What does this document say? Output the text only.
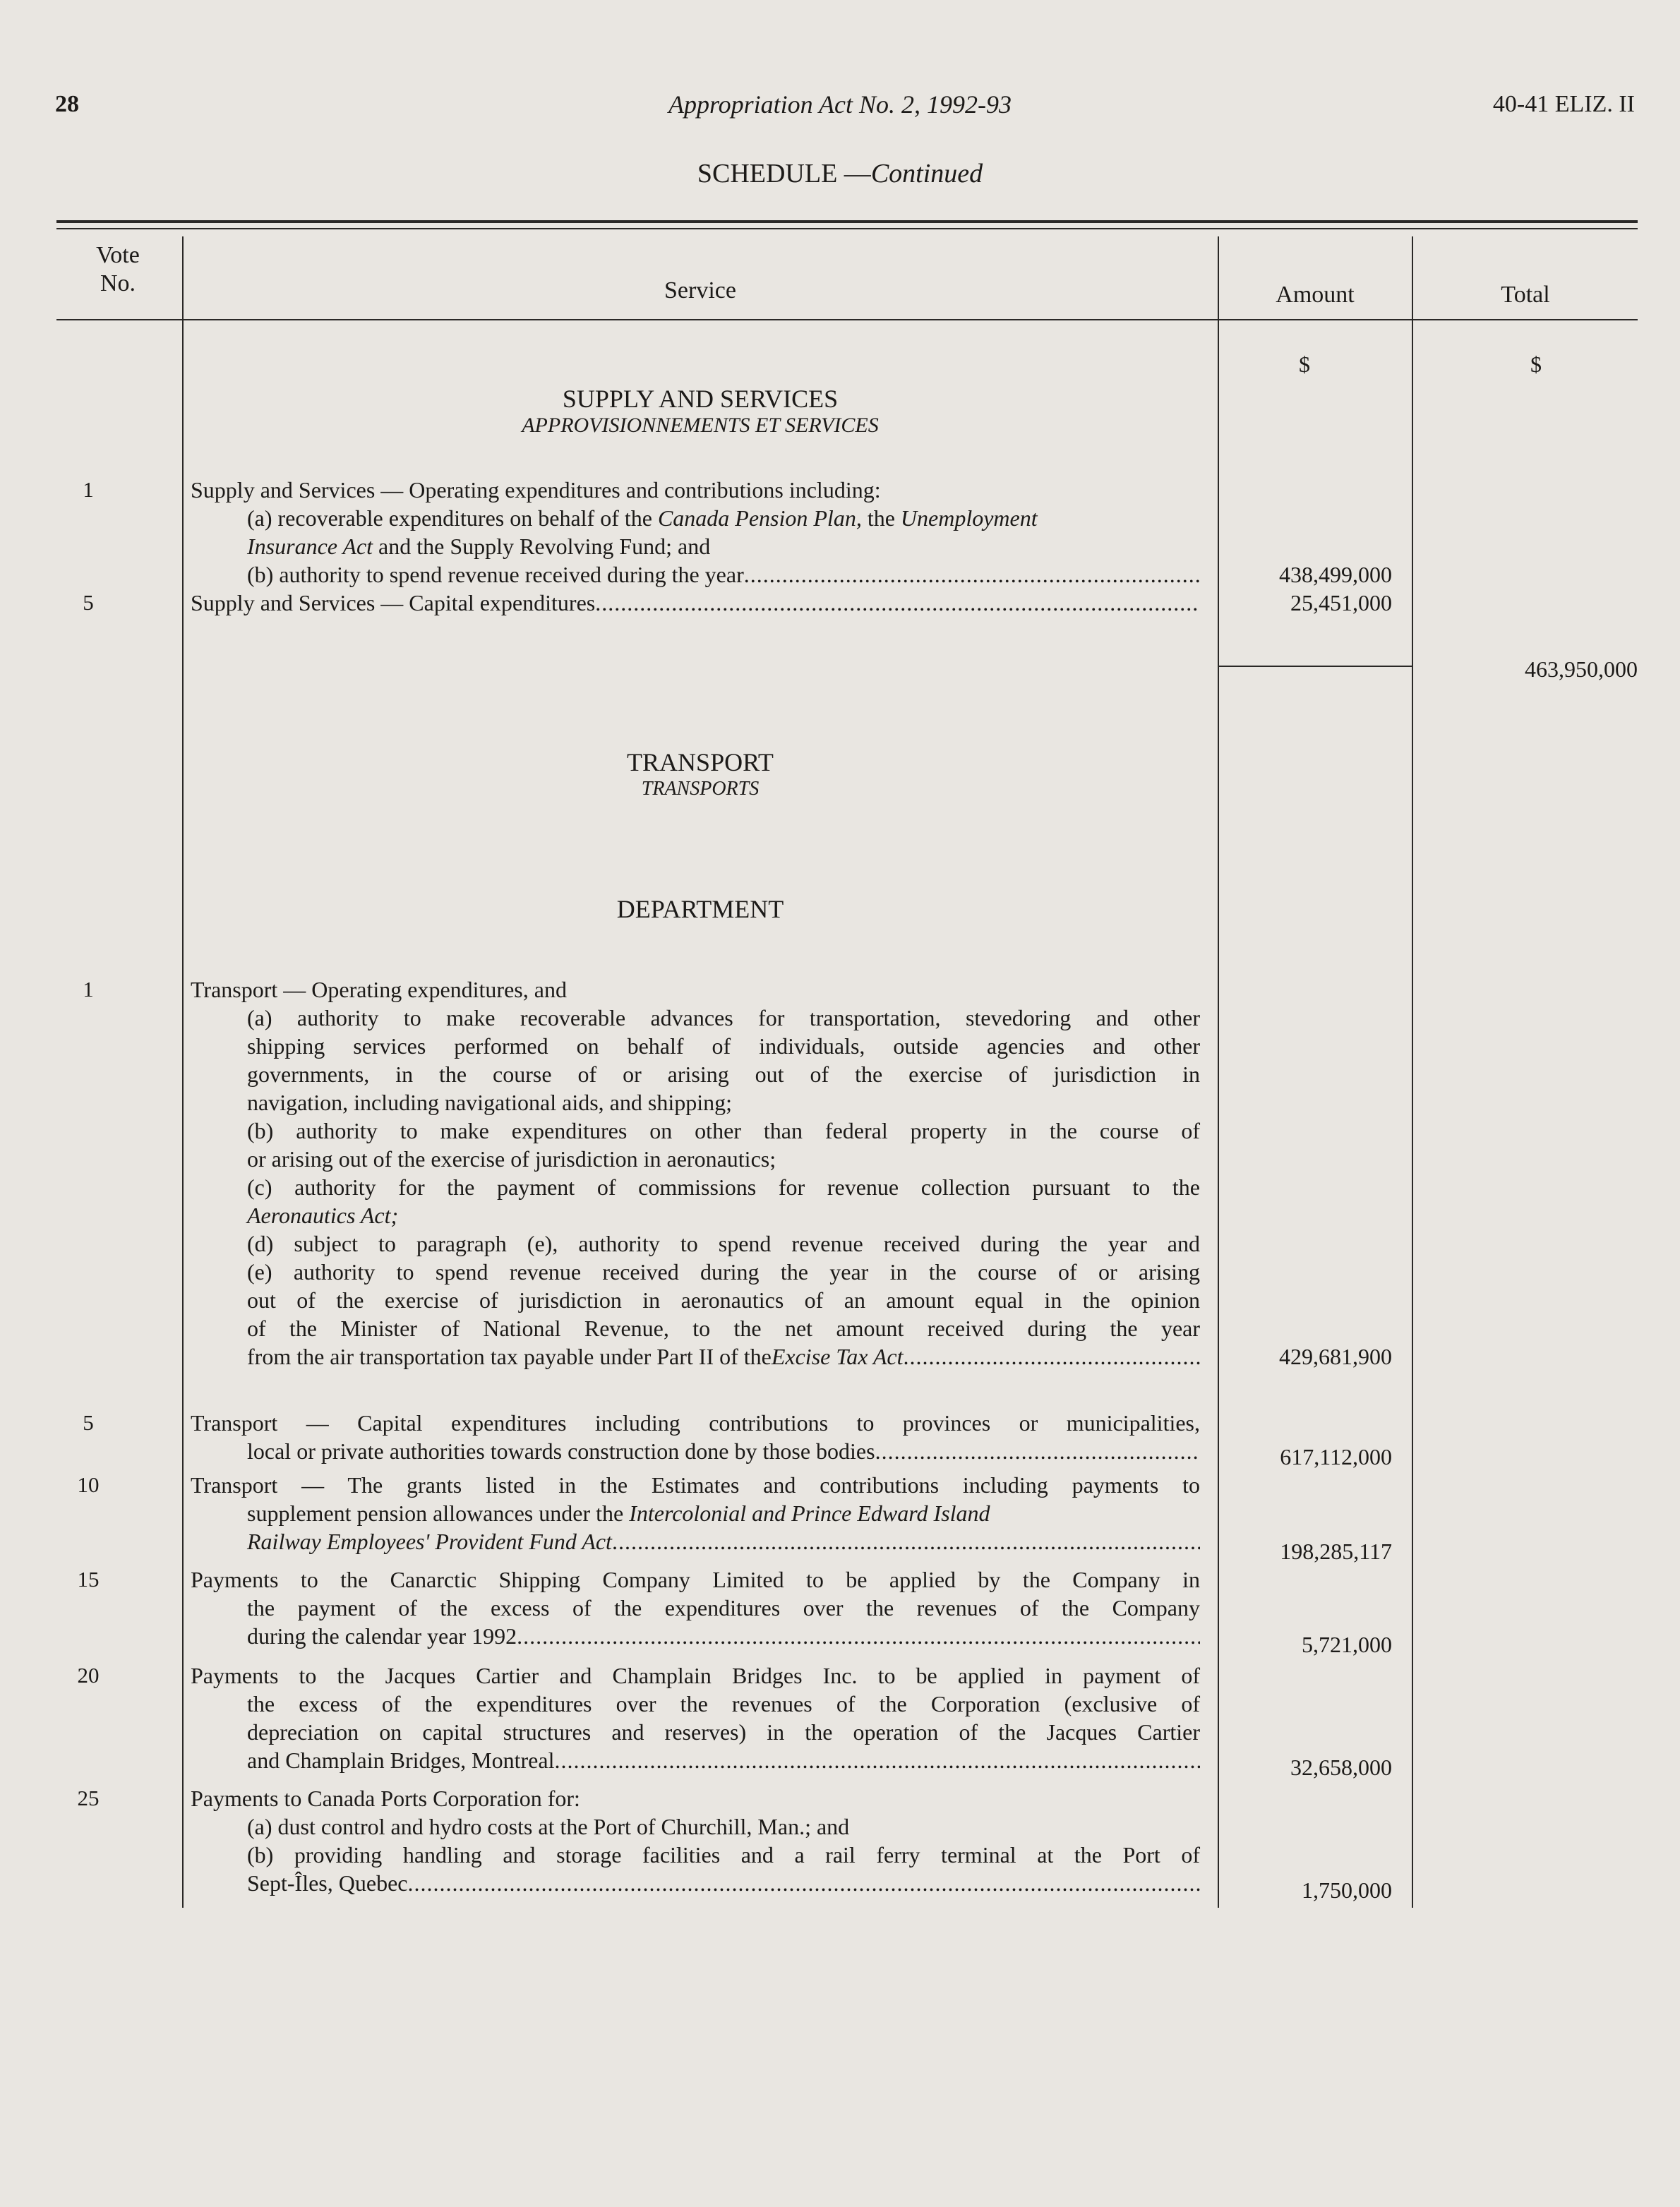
28	Appropriation Act No. 2, 1992-93	40-41 ELIZ. II
SCHEDULE —Continued
Vote
No.	Service	Amount	Total
$	$
SUPPLY AND SERVICES
APPROVISIONNEMENTS ET SERVICES
1	Supply and Services — Operating expenditures and contributions including:
(a) recoverable expenditures on behalf of the Canada Pension Plan, the Unemployment
Insurance Act and the Supply Revolving Fund; and
(b) authority to spend revenue received during the year .....	438,499,000
5	Supply and Services — Capital expenditures .....	25,451,000
463,950,000
TRANSPORT
TRANSPORTS
DEPARTMENT
1	Transport — Operating expenditures, and
(a) authority to make recoverable advances for transportation, stevedoring and other
shipping services performed on behalf of individuals, outside agencies and other
governments, in the course of or arising out of the exercise of jurisdiction in
navigation, including navigational aids, and shipping;
(b) authority to make expenditures on other than federal property in the course of
or arising out of the exercise of jurisdiction in aeronautics;
(c) authority for the payment of commissions for revenue collection pursuant to the
Aeronautics Act;
(d) subject to paragraph (e), authority to spend revenue received during the year and
(e) authority to spend revenue received during the year in the course of or arising
out of the exercise of jurisdiction in aeronautics of an amount equal in the opinion
of the Minister of National Revenue, to the net amount received during the year
from the air transportation tax payable under Part II of the Excise Tax Act .....	429,681,900
5	Transport — Capital expenditures including contributions to provinces or municipalities,
local or private authorities towards construction done by those bodies .....	617,112,000
10	Transport — The grants listed in the Estimates and contributions including payments to
supplement pension allowances under the Intercolonial and Prince Edward Island
Railway Employees' Provident Fund Act .....	198,285,117
15	Payments to the Canarctic Shipping Company Limited to be applied by the Company in
the payment of the excess of the expenditures over the revenues of the Company
during the calendar year 1992 .....	5,721,000
20	Payments to the Jacques Cartier and Champlain Bridges Inc. to be applied in payment of
the excess of the expenditures over the revenues of the Corporation (exclusive of
depreciation on capital structures and reserves) in the operation of the Jacques Cartier
and Champlain Bridges, Montreal .....	32,658,000
25	Payments to Canada Ports Corporation for:
(a) dust control and hydro costs at the Port of Churchill, Man.; and
(b) providing handling and storage facilities and a rail ferry terminal at the Port of
Sept-Îles, Quebec .....	1,750,000
